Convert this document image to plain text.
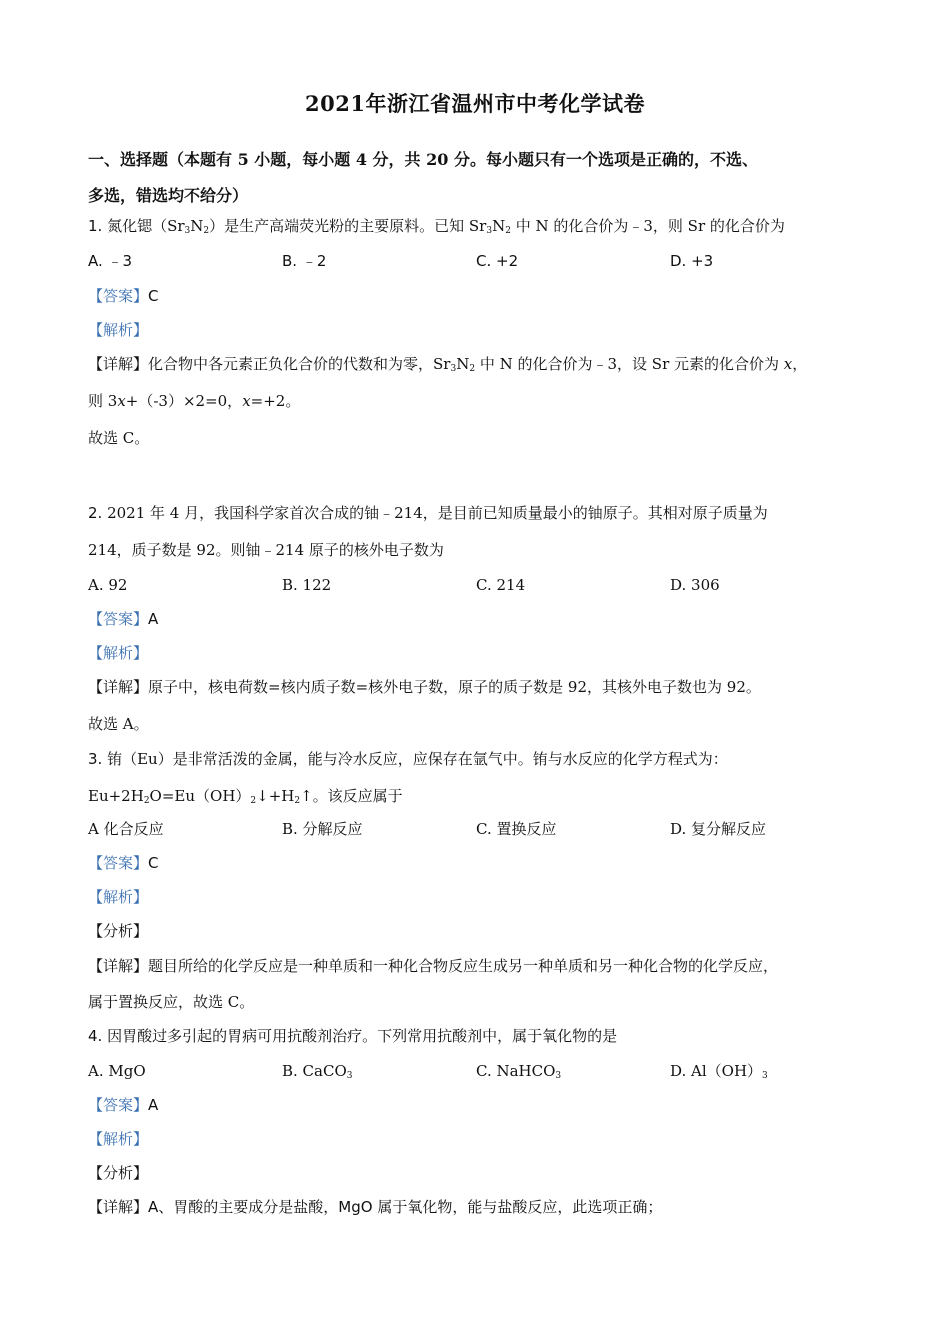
2021年浙江省温州市中考化学试卷
一、选择题（本题有 5 小题，每小题 4 分，共 20 分。每小题只有一个选项是正确的，不选、
多选，错选均不给分）
1. 氮化锶$(Sr_3N_2)$是生产高端荧光粉的主要原料。已知 $Sr_3N_2$ 中 N 的化合价为﹣3，则 Sr 的化合价为
A. ﹣3	B. ﹣2	C. +2	D. +3
【答案】C
【解析】
【详解】化合物中各元素正负化合价的代数和为零，$Sr_3N_2$ 中 N 的化合价为﹣3，设 Sr 元素的化合价为 x，
则 3x+（-3）×2=0，x=+2。
故选 C。
2. 2021 年 4 月，我国科学家首次合成的铀﹣214，是目前已知质量最小的铀原子。其相对原子质量为
214，质子数是 92。则铀﹣214 原子的核外电子数为
A. 92	B. 122	C. 214	D. 306
【答案】A
【解析】
【详解】原子中，核电荷数=核内质子数=核外电子数，原子的质子数是 92，其核外电子数也为 92。
故选 A。
3. 铕（Eu）是非常活泼的金属，能与冷水反应，应保存在氩气中。铕与水反应的化学方程式为：
$Eu+2H_2O=Eu(OH)_2↓+H_2↑$。该反应属于
A 化合反应	B. 分解反应	C. 置换反应	D. 复分解反应
【答案】C
【解析】
【分析】
【详解】题目所给的化学反应是一种单质和一种化合物反应生成另一种单质和另一种化合物的化学反应，
属于置换反应，故选 C。
4. 因胃酸过多引起的胃病可用抗酸剂治疗。下列常用抗酸剂中，属于氧化物的是
A. MgO	B. CaCO$_3$	C. NaHCO$_3$	D. $Al(OH)_3$
【答案】A
【解析】
【分析】
【详解】A、胃酸的主要成分是盐酸，MgO 属于氧化物，能与盐酸反应，此选项正确；
